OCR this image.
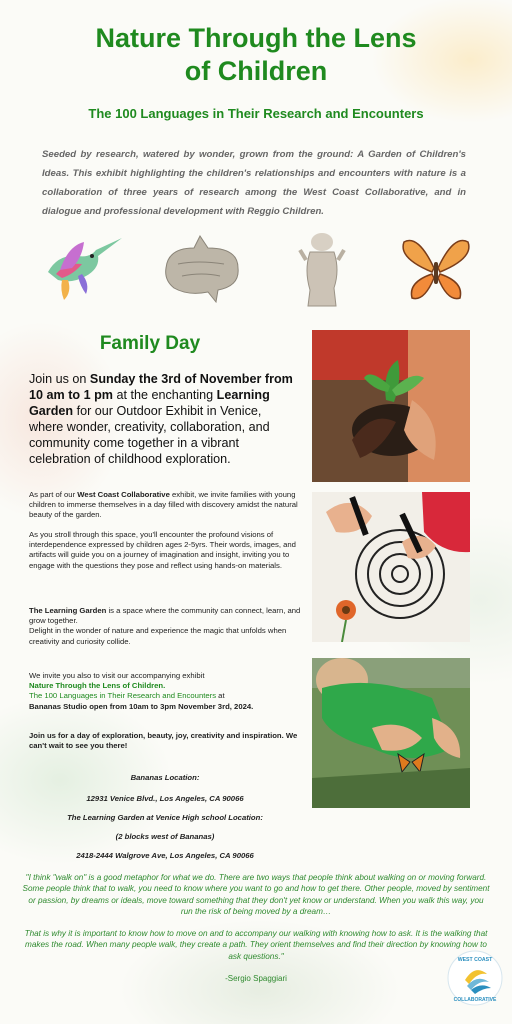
Nature Through the Lens
of Children
The 100 Languages in Their Research and Encounters

Seeded by research, watered by wonder, grown from the ground: A Garden of Children's Ideas. This exhibit highlighting the children's relationships and encounters with nature is a collaboration of three years of research among the West Coast Collaborative, and in dialogue and professional development with Reggio Children.

Family Day

Join us on Sunday the 3rd of November from 10 am to 1 pm at the enchanting Learning Garden for our Outdoor Exhibit in Venice, where wonder, creativity, collaboration, and community come together in a vibrant celebration of childhood exploration.

As part of our West Coast Collaborative exhibit, we invite families with young children to immerse themselves in a day filled with discovery amidst the natural beauty of the garden.

As you stroll through this space, you'll encounter the profound visions of interdependence expressed by children ages 2-5yrs. Their words, images, and artifacts will guide you on a journey of imagination and insight, inviting you to engage with the questions they pose and reflect using hands-on materials.

The Learning Garden is a space where the community can connect, learn, and grow together.
Delight in the wonder of nature and experience the magic that unfolds when creativity and curiosity collide.

We invite you also to visit our accompanying exhibit
Nature Through the Lens of Children.
The 100 Languages in Their Research and Encounters at
Bananas Studio open from 10am to 3pm November 3rd, 2024.

Join us for a day of exploration, beauty, joy, creativity and inspiration. We can't wait to see you there!

Bananas Location:
12931 Venice Blvd., Los Angeles, CA 90066
The Learning Garden at Venice High school Location:
(2 blocks west of Bananas)
2418-2444 Walgrove Ave, Los Angeles, CA 90066

"I think "walk on" is a good metaphor for what we do. There are two ways that people think about walking on or moving forward. Some people think that to walk, you need to know where you want to go and how to get there. Other people, moved by sentiment or passion, by dreams or ideals, move toward something that they don't yet know or understand. When you walk this way, you run the risk of being moved by a dream…

That is why it is important to know how to move on and to accompany our walking with knowing how to ask. It is the walking that makes the road. When many people walk, they create a path. They orient themselves and find their direction by knowing how to ask questions."

-Sergio Spaggiari
WEST COAST
COLLABORATIVE
